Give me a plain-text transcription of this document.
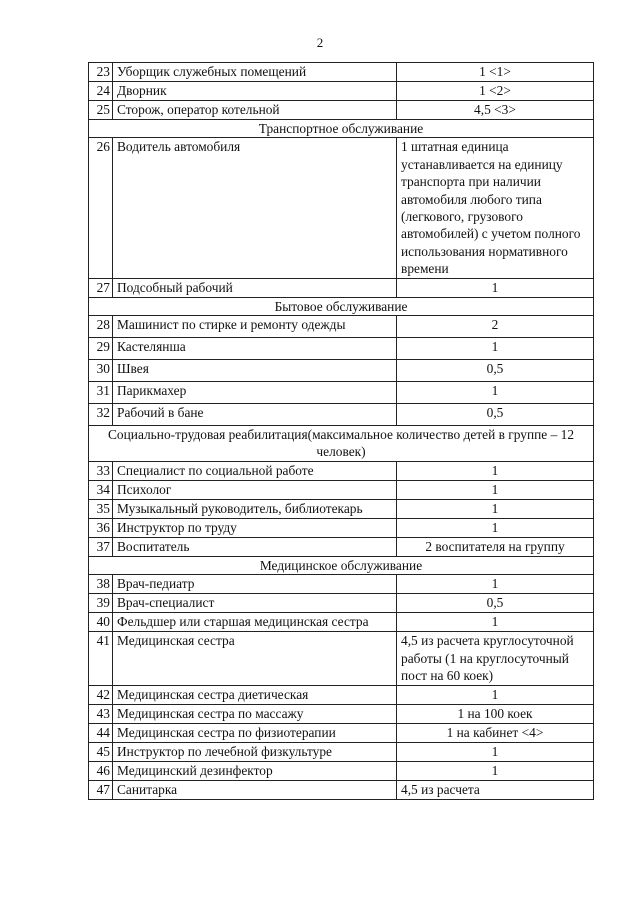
2
23	Уборщик служебных помещений	1 <1>
24	Дворник	1 <2>
25	Сторож, оператор котельной	4,5 <3>
Транспортное обслуживание		
26	Водитель автомобиля	1 штатная единица устанавливается на единицу транспорта при наличии автомобиля любого типа (легкового, грузового автомобилей) с учетом полного использования нормативного времени
27	Подсобный рабочий	1
Бытовое обслуживание		
28	Машинист по стирке и ремонту одежды	2
29	Кастелянша	1
30	Швея	0,5
31	Парикмахер	1
32	Рабочий в бане	0,5
Социально-трудовая реабилитация(максимальное количество детей в группе – 12 человек)		
33	Специалист по социальной работе	1
34	Психолог	1
35	Музыкальный руководитель, библиотекарь	1
36	Инструктор по труду	1
37	Воспитатель	2 воспитателя на группу
Медицинское обслуживание		
38	Врач-педиатр	1
39	Врач-специалист	0,5
40	Фельдшер или старшая медицинская сестра	1
41	Медицинская сестра	4,5 из расчета круглосуточной работы (1 на круглосуточный пост на 60 коек)
42	Медицинская сестра диетическая	1
43	Медицинская сестра по массажу	1 на 100 коек
44	Медицинская сестра по физиотерапии	1 на кабинет <4>
45	Инструктор по лечебной физкультуре	1
46	Медицинский дезинфектор	1
47	Санитарка	4,5 из расчета
